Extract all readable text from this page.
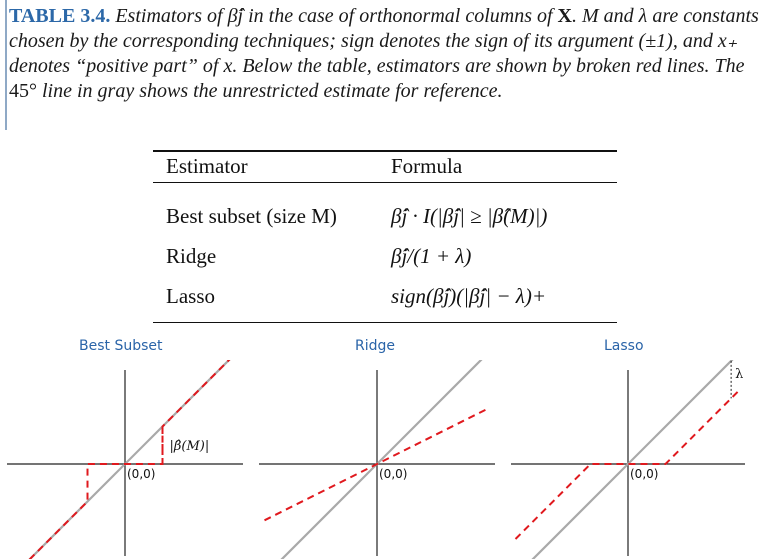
TABLE 3.4. Estimators of β̂j in the case of orthonormal columns of X. M and λ are constants chosen by the corresponding techniques; sign denotes the sign of its argument (±1), and x₊ denotes “positive part” of x. Below the table, estimators are shown by broken red lines. The 45° line in gray shows the unrestricted estimate for reference.
Estimator	Formula
Best subset (size M)	β̂j · I(|β̂j| ≥ |β̂(M)|)
Ridge	β̂j/(1 + λ)
Lasso	sign(β̂j)(|β̂j| − λ)+
Best Subset	Ridge	Lasso
(0,0)	(0,0)	(0,0)
|β̂(M)|
λ
